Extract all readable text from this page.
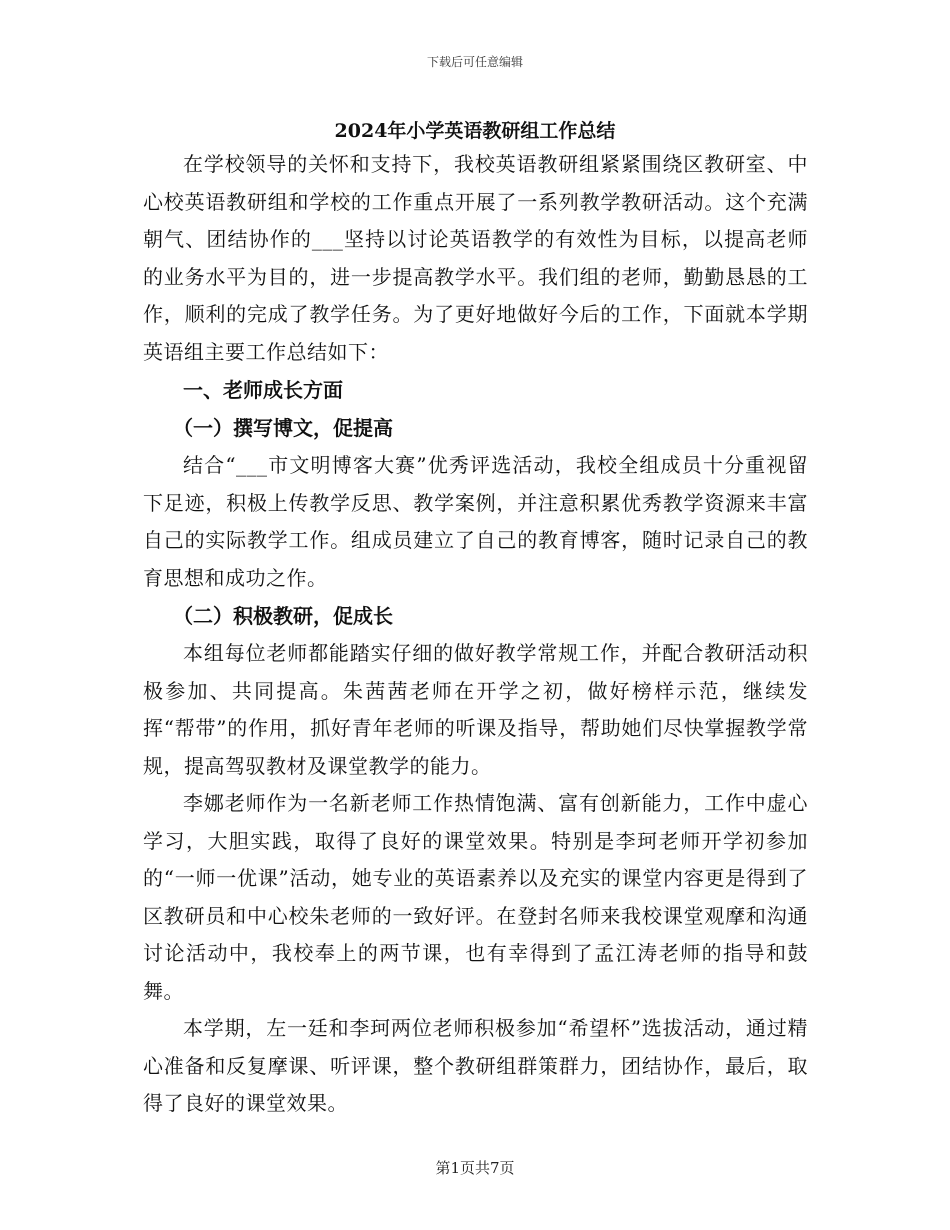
下载后可任意编辑
2024年小学英语教研组工作总结

在学校领导的关怀和支持下，我校英语教研组紧紧围绕区教研室、中心校英语教研组和学校的工作重点开展了一系列教学教研活动。这个充满朝气、团结协作的___坚持以讨论英语教学的有效性为目标，以提高老师的业务水平为目的，进一步提高教学水平。我们组的老师，勤勤恳恳的工作，顺利的完成了教学任务。为了更好地做好今后的工作，下面就本学期英语组主要工作总结如下：

一、老师成长方面

（一）撰写博文，促提高

结合“___市文明博客大赛”优秀评选活动，我校全组成员十分重视留下足迹，积极上传教学反思、教学案例，并注意积累优秀教学资源来丰富自己的实际教学工作。组成员建立了自己的教育博客，随时记录自己的教育思想和成功之作。

（二）积极教研，促成长

本组每位老师都能踏实仔细的做好教学常规工作，并配合教研活动积极参加、共同提高。朱茜茜老师在开学之初，做好榜样示范，继续发挥“帮带”的作用，抓好青年老师的听课及指导，帮助她们尽快掌握教学常规，提高驾驭教材及课堂教学的能力。

李娜老师作为一名新老师工作热情饱满、富有创新能力，工作中虚心学习，大胆实践，取得了良好的课堂效果。特别是李珂老师开学初参加的“一师一优课”活动，她专业的英语素养以及充实的课堂内容更是得到了区教研员和中心校朱老师的一致好评。在登封名师来我校课堂观摩和沟通讨论活动中，我校奉上的两节课，也有幸得到了孟江涛老师的指导和鼓舞。

本学期，左一廷和李珂两位老师积极参加“希望杯”选拔活动，通过精心准备和反复摩课、听评课，整个教研组群策群力，团结协作，最后，取得了良好的课堂效果。

第1页共7页
